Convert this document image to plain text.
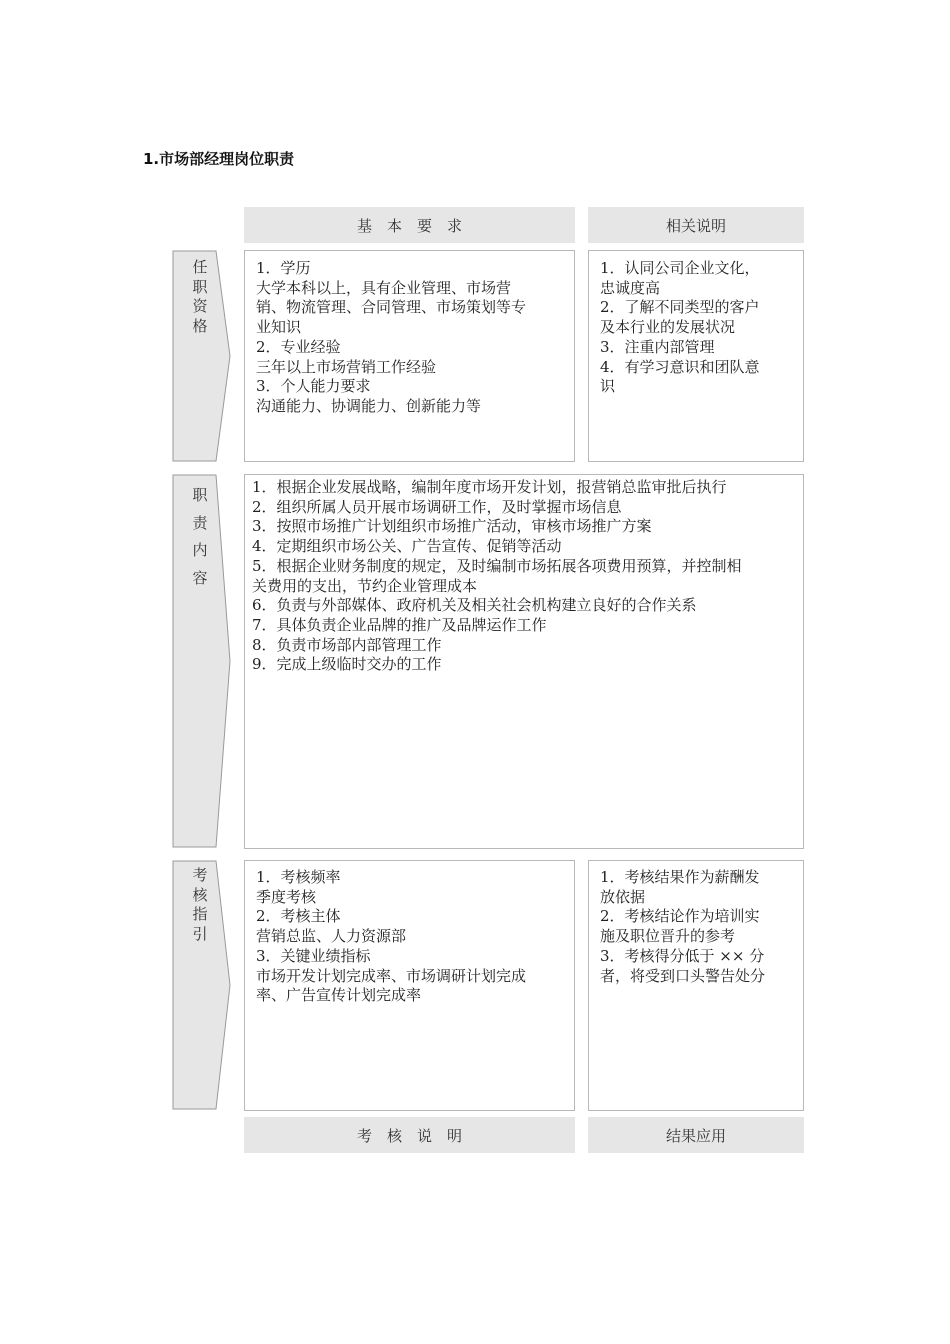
1.市场部经理岗位职责
基　本　要　求	相关说明
任
职
资
格

1．学历

大学本科以上，具有企业管理、市场营

销、物流管理、合同管理、市场策划等专

业知识

2．专业经验

三年以上市场营销工作经验

3．个人能力要求

沟通能力、协调能力、创新能力等

1．认同公司企业文化，

忠诚度高

2．了解不同类型的客户

及本行业的发展状况

3．注重内部管理

4．有学习意识和团队意

识

职
责
内
容

1．根据企业发展战略，编制年度市场开发计划，报营销总监审批后执行

2．组织所属人员开展市场调研工作，及时掌握市场信息

3．按照市场推广计划组织市场推广活动，审核市场推广方案

4．定期组织市场公关、广告宣传、促销等活动

5．根据企业财务制度的规定，及时编制市场拓展各项费用预算，并控制相

关费用的支出，节约企业管理成本

6．负责与外部媒体、政府机关及相关社会机构建立良好的合作关系

7．具体负责企业品牌的推广及品牌运作工作

8．负责市场部内部管理工作

9．完成上级临时交办的工作

考
核
指
引

1．考核频率

季度考核

2．考核主体

营销总监、人力资源部

3．关键业绩指标

市场开发计划完成率、市场调研计划完成

率、广告宣传计划完成率

1．考核结果作为薪酬发

放依据

2．考核结论作为培训实

施及职位晋升的参考

3．考核得分低于 ×× 分

者，将受到口头警告处分

考　核　说　明	结果应用
